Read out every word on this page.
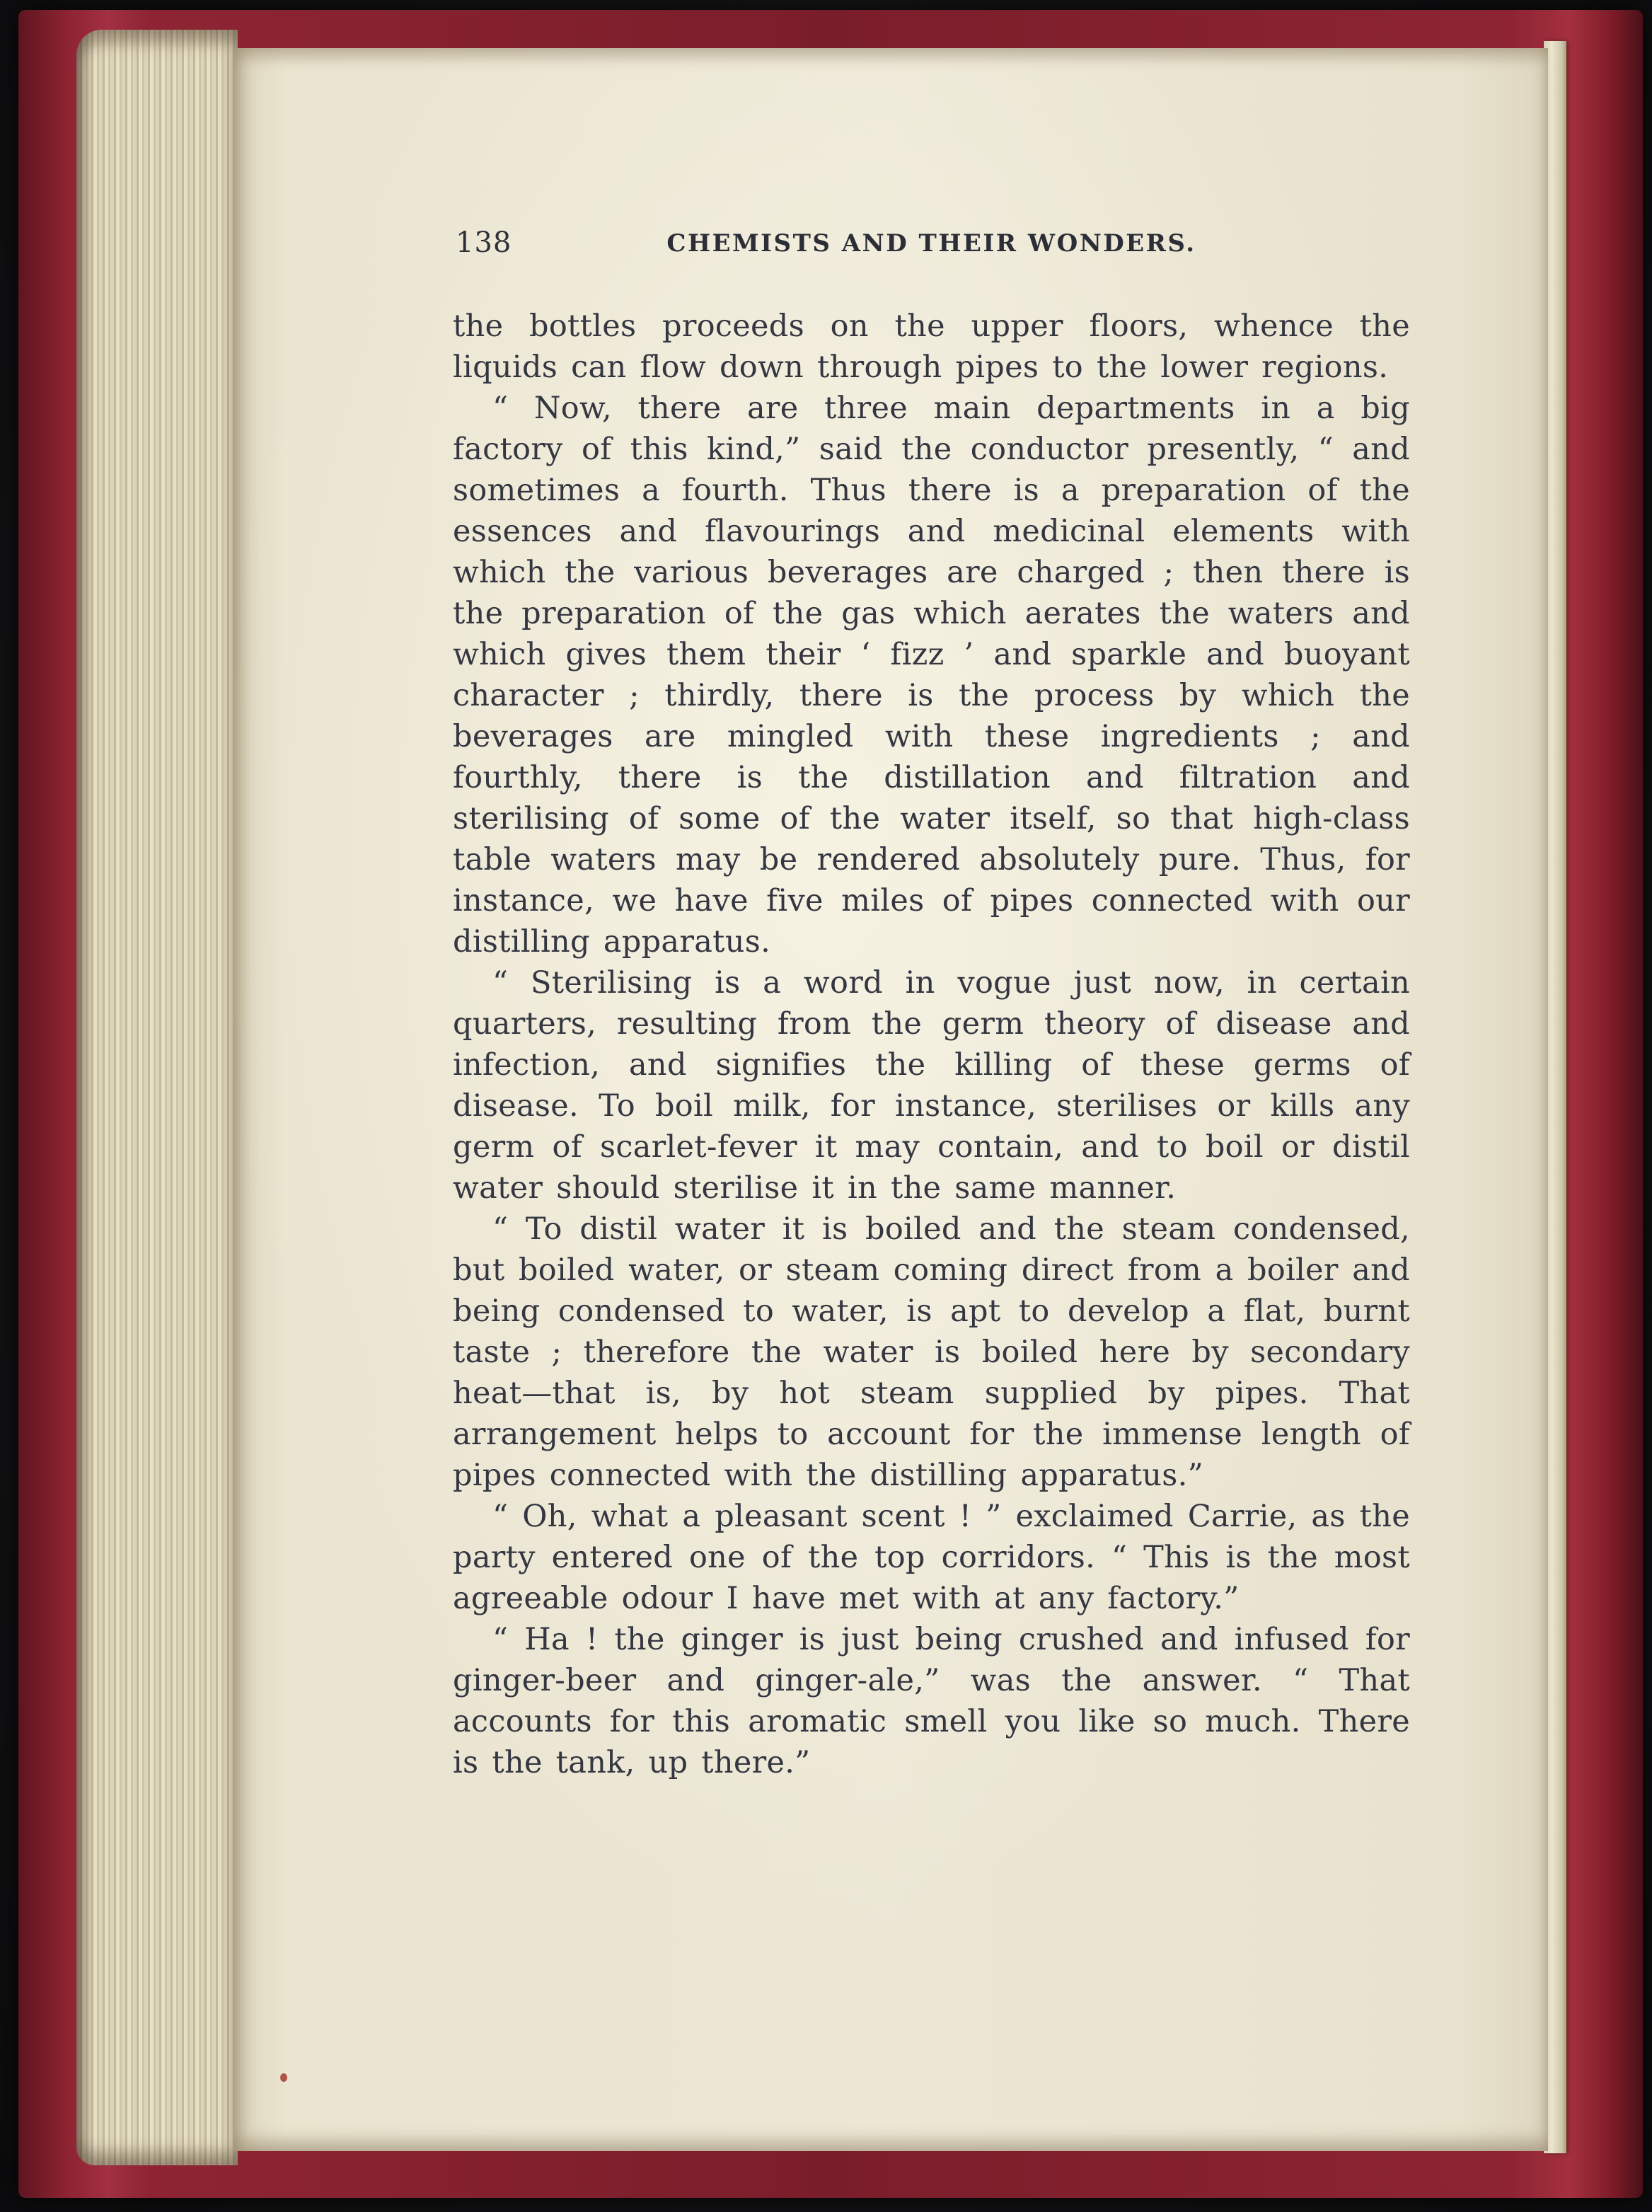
138	CHEMISTS AND THEIR WONDERS.

the bottles proceeds on the upper floors, whence the liquids can flow down through pipes to the lower regions.

“ Now, there are three main departments in a big factory of this kind,” said the conductor presently, “ and sometimes a fourth. Thus there is a preparation of the essences and flavourings and medicinal elements with which the various beverages are charged ; then there is the preparation of the gas which aerates the waters and which gives them their ‘ fizz ’ and sparkle and buoyant character ; thirdly, there is the process by which the beverages are mingled with these ingredients ; and fourthly, there is the distillation and filtration and sterilising of some of the water itself, so that high-class table waters may be rendered absolutely pure. Thus, for instance, we have five miles of pipes connected with our distilling apparatus.

“ Sterilising is a word in vogue just now, in certain quarters, resulting from the germ theory of disease and infection, and signifies the killing of these germs of disease. To boil milk, for instance, sterilises or kills any germ of scarlet-fever it may contain, and to boil or distil water should sterilise it in the same manner.

“ To distil water it is boiled and the steam condensed, but boiled water, or steam coming direct from a boiler and being condensed to water, is apt to develop a flat, burnt taste ; therefore the water is boiled here by secondary heat—that is, by hot steam supplied by pipes. That arrangement helps to account for the immense length of pipes connected with the distilling apparatus.”

“ Oh, what a pleasant scent ! ” exclaimed Carrie, as the party entered one of the top corridors. “ This is the most agreeable odour I have met with at any factory.”

“ Ha ! the ginger is just being crushed and infused for ginger-beer and ginger-ale,” was the answer. “ That accounts for this aromatic smell you like so much. There is the tank, up there.”
